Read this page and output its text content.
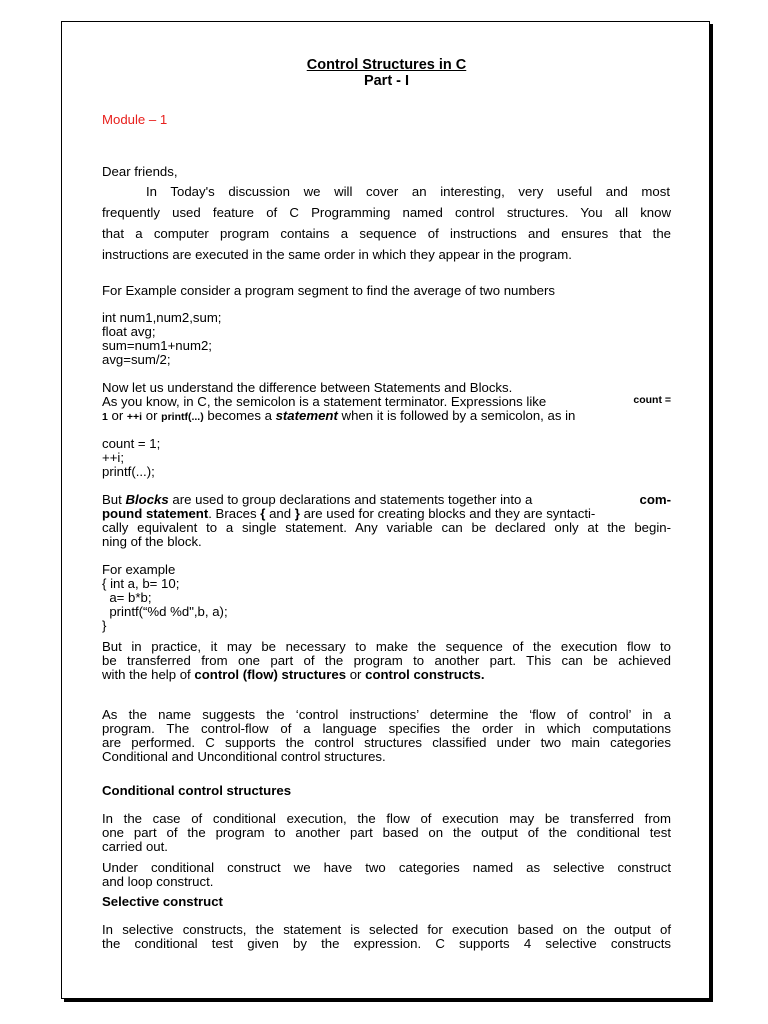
Control Structures in C
Part - I
Module – 1
Dear friends,
In Today's discussion we will cover an interesting, very useful and most
frequently used feature of C Programming named control structures. You all know
that a computer program contains a sequence of instructions and ensures that the
instructions are executed in the same order in which they appear in the program.
For Example consider a program segment to find the average of two numbers
int num1,num2,sum;
float avg;
sum=num1+num2;
avg=sum/2;
Now let us understand the difference between Statements and Blocks.
As you know, in C, the semicolon is a statement terminator. Expressions like	count =
1 or ++i or printf(...) becomes a statement when it is followed by a semicolon, as in
count = 1;
++i;
printf(...);
But Blocks are used to group declarations and statements together into a	com-
pound statement. Braces { and } are used for creating blocks and they are syntacti-
cally equivalent to a single statement. Any variable can be declared only at the begin-
ning of the block.
For example
{ int a, b= 10;
a= b*b;
printf(“%d %d",b, a);
}
But in practice, it may be necessary to make the sequence of the execution flow to
be transferred from one part of the program to another part. This can be achieved
with the help of control (flow) structures or control constructs.
As the name suggests the ‘control instructions’ determine the ‘flow of control’ in a
program. The control-flow of a language specifies the order in which computations
are performed. C supports the control structures classified under two main categories
Conditional and Unconditional control structures.
Conditional control structures
In the case of conditional execution, the flow of execution may be transferred from
one part of the program to another part based on the output of the conditional test
carried out.
Under conditional construct we have two categories named as selective construct
and loop construct.
Selective construct
In selective constructs, the statement is selected for execution based on the output of
the conditional test given by the expression. C supports 4 selective constructs
